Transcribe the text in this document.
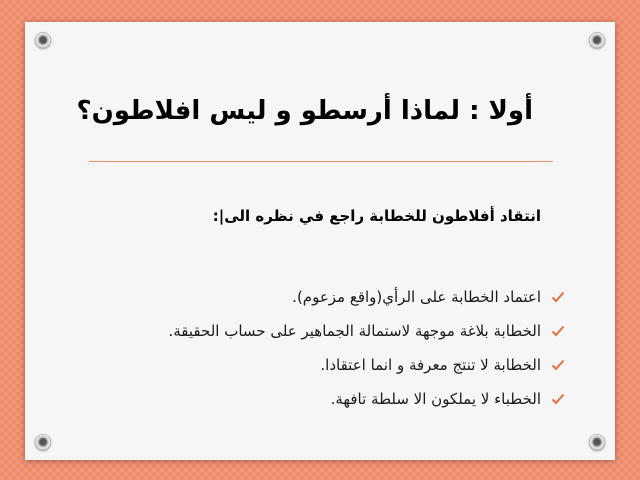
أولا : لماذا أرسطو و ليس افلاطون؟
انتقاد أفلاطون للخطابة راجع في نظره الى|:
اعتماد الخطابة على الرأي(واقع مزعوم).
الخطابة بلاغة موجهة لاستمالة الجماهير على حساب الحقيقة.
الخطابة لا تنتج معرفة و انما اعتقادا.
الخطباء لا يملكون الا سلطة تافهة.
